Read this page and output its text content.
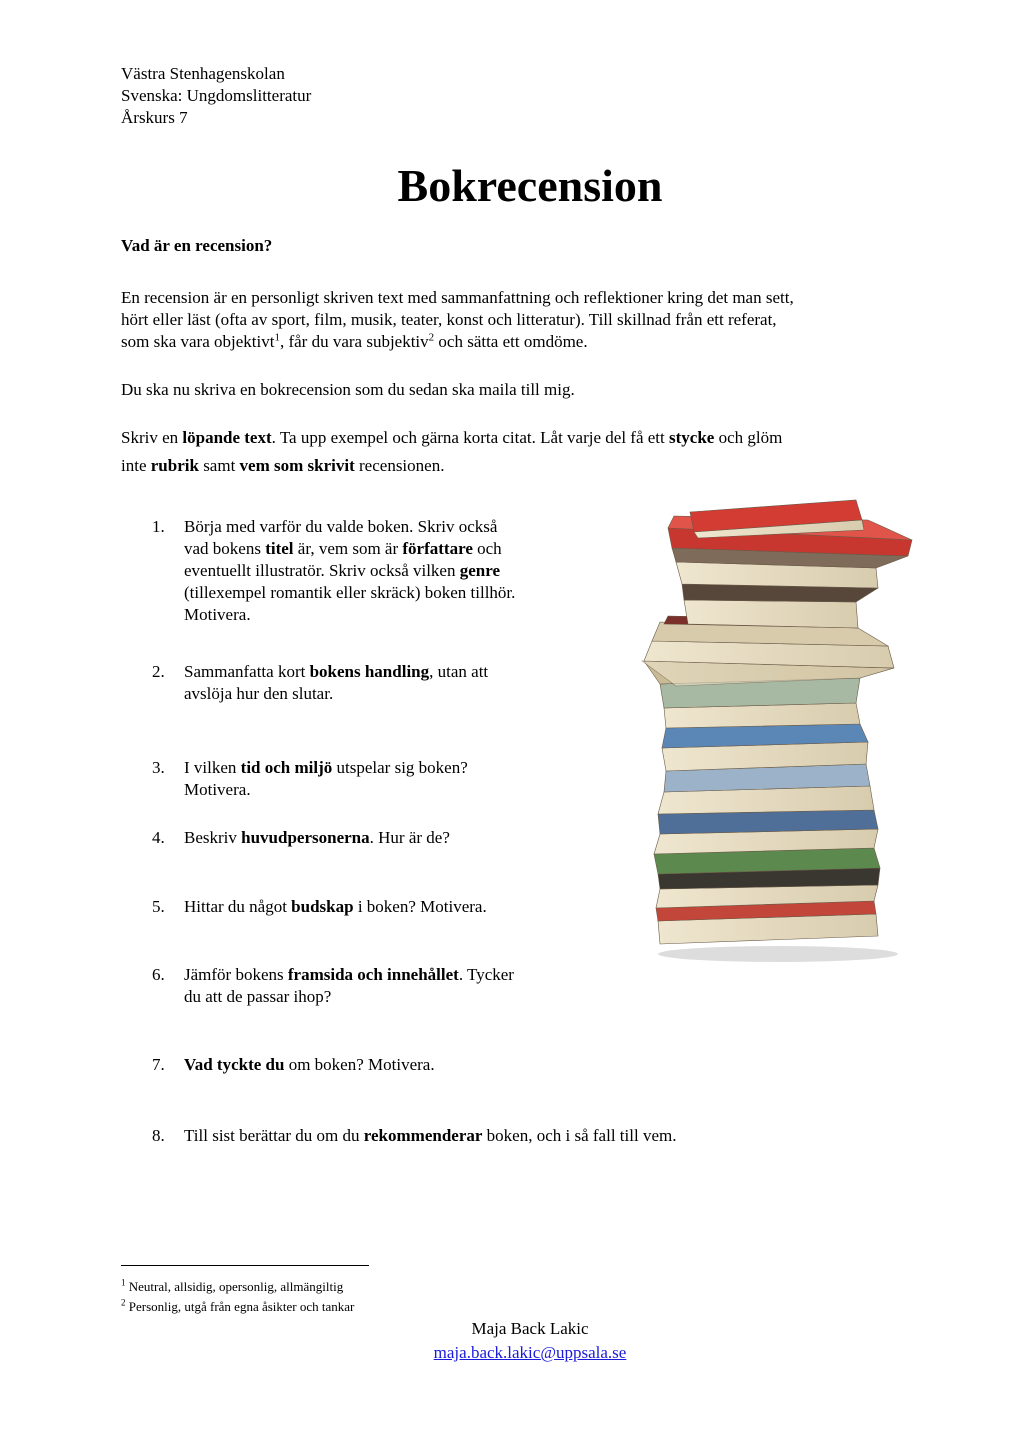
Västra Stenhagenskolan
Svenska: Ungdomslitteratur
Årskurs 7
Bokrecension
Vad är en recension?
En recension är en personligt skriven text med sammanfattning och reflektioner kring det man sett,
hört eller läst (ofta av sport, film, musik, teater, konst och litteratur). Till skillnad från ett referat,
som ska vara objektivt$^1$, får du vara subjektiv$^2$ och sätta ett omdöme.
Du ska nu skriva en bokrecension som du sedan ska maila till mig.
Skriv en löpande text. Ta upp exempel och gärna korta citat. Låt varje del få ett stycke och glöm
inte rubrik samt vem som skrivit recensionen.
1.	Börja med varför du valde boken. Skriv också
vad bokens titel är, vem som är författare och
eventuellt illustratör. Skriv också vilken genre
(tillexempel romantik eller skräck) boken tillhör.
Motivera.
2.	Sammanfatta kort bokens handling, utan att
avslöja hur den slutar.
3.	I vilken tid och miljö utspelar sig boken?
Motivera.
4.	Beskriv huvudpersonerna. Hur är de?
5.	Hittar du något budskap i boken? Motivera.
6.	Jämför bokens framsida och innehållet. Tycker
du att de passar ihop?
7.	Vad tyckte du om boken? Motivera.
8.	Till sist berättar du om du rekommenderar boken, och i så fall till vem.
$^1$ Neutral, allsidig, opersonlig, allmängiltig
$^2$ Personlig, utgå från egna åsikter och tankar
Maja Back Lakic
maja.back.lakic@uppsala.se
